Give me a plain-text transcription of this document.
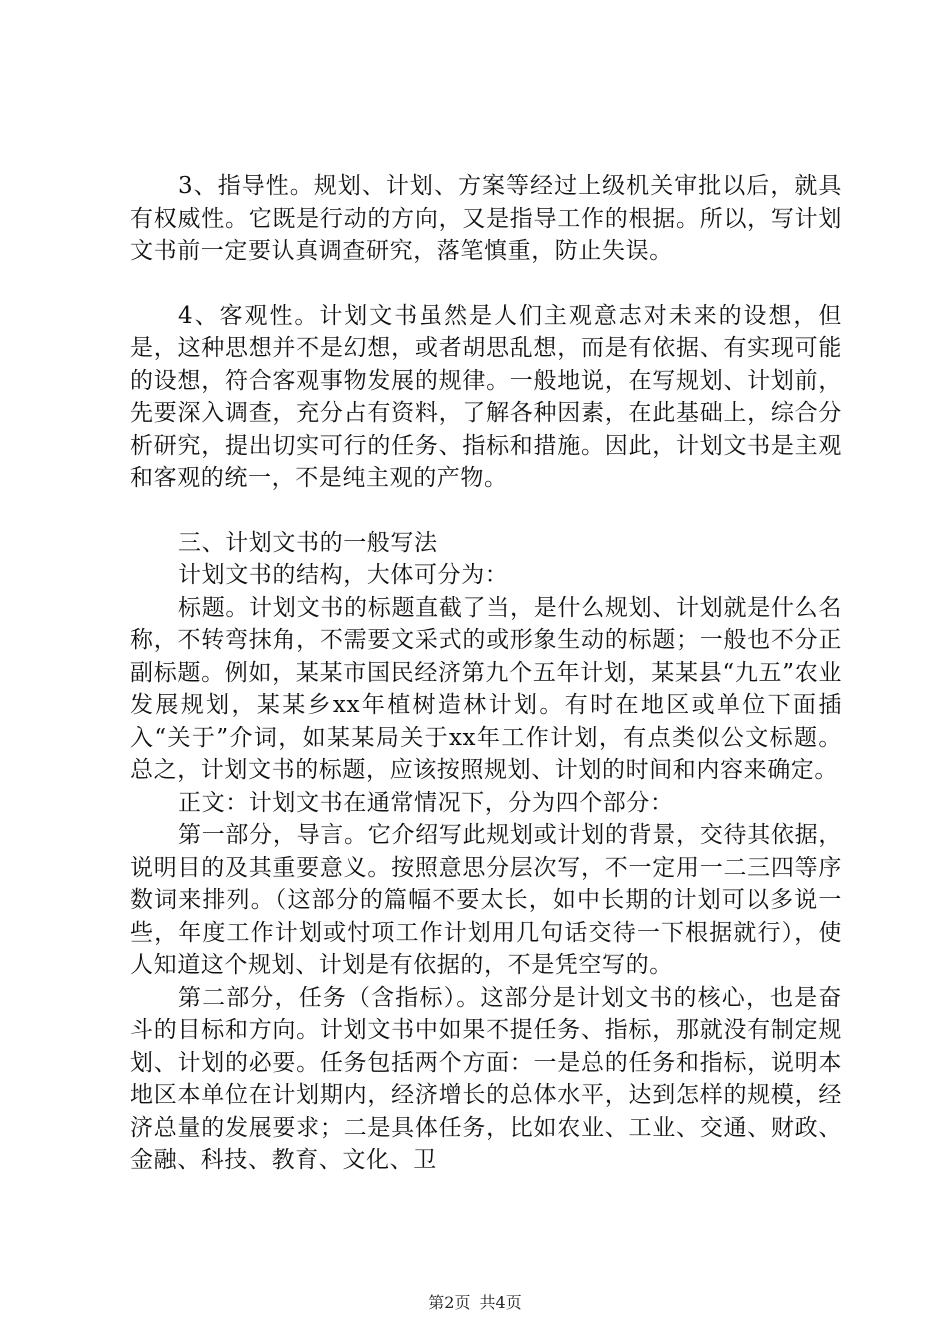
3、指导性。规划、计划、方案等经过上级机关审批以后，就具有权威性。它既是行动的方向，又是指导工作的根据。所以，写计划文书前一定要认真调查研究，落笔慎重，防止失误。

4、客观性。计划文书虽然是人们主观意志对未来的设想，但是，这种思想并不是幻想，或者胡思乱想，而是有依据、有实现可能的设想，符合客观事物发展的规律。一般地说，在写规划、计划前，先要深入调查，充分占有资料，了解各种因素，在此基础上，综合分析研究，提出切实可行的任务、指标和措施。因此，计划文书是主观和客观的统一，不是纯主观的产物。

三、计划文书的一般写法

计划文书的结构，大体可分为：

标题。计划文书的标题直截了当，是什么规划、计划就是什么名称，不转弯抹角，不需要文采式的或形象生动的标题；一般也不分正副标题。例如，某某市国民经济第九个五年计划，某某县“九五”农业发展规划，某某乡xx年植树造林计划。有时在地区或单位下面插入“关于”介词，如某某局关于xx年工作计划，有点类似公文标题。总之，计划文书的标题，应该按照规划、计划的时间和内容来确定。

正文：计划文书在通常情况下，分为四个部分：

第一部分，导言。它介绍写此规划或计划的背景，交待其依据，说明目的及其重要意义。按照意思分层次写，不一定用一二三四等序数词来排列。（这部分的篇幅不要太长，如中长期的计划可以多说一些，年度工作计划或忖项工作计划用几句话交待一下根据就行），使人知道这个规划、计划是有依据的，不是凭空写的。

第二部分，任务（含指标）。这部分是计划文书的核心，也是奋斗的目标和方向。计划文书中如果不提任务、指标，那就没有制定规划、计划的必要。任务包括两个方面：一是总的任务和指标，说明本地区本单位在计划期内，经济增长的总体水平，达到怎样的规模，经济总量的发展要求；二是具体任务，比如农业、工业、交通、财政、金融、科技、教育、文化、卫

第2页 共4页
